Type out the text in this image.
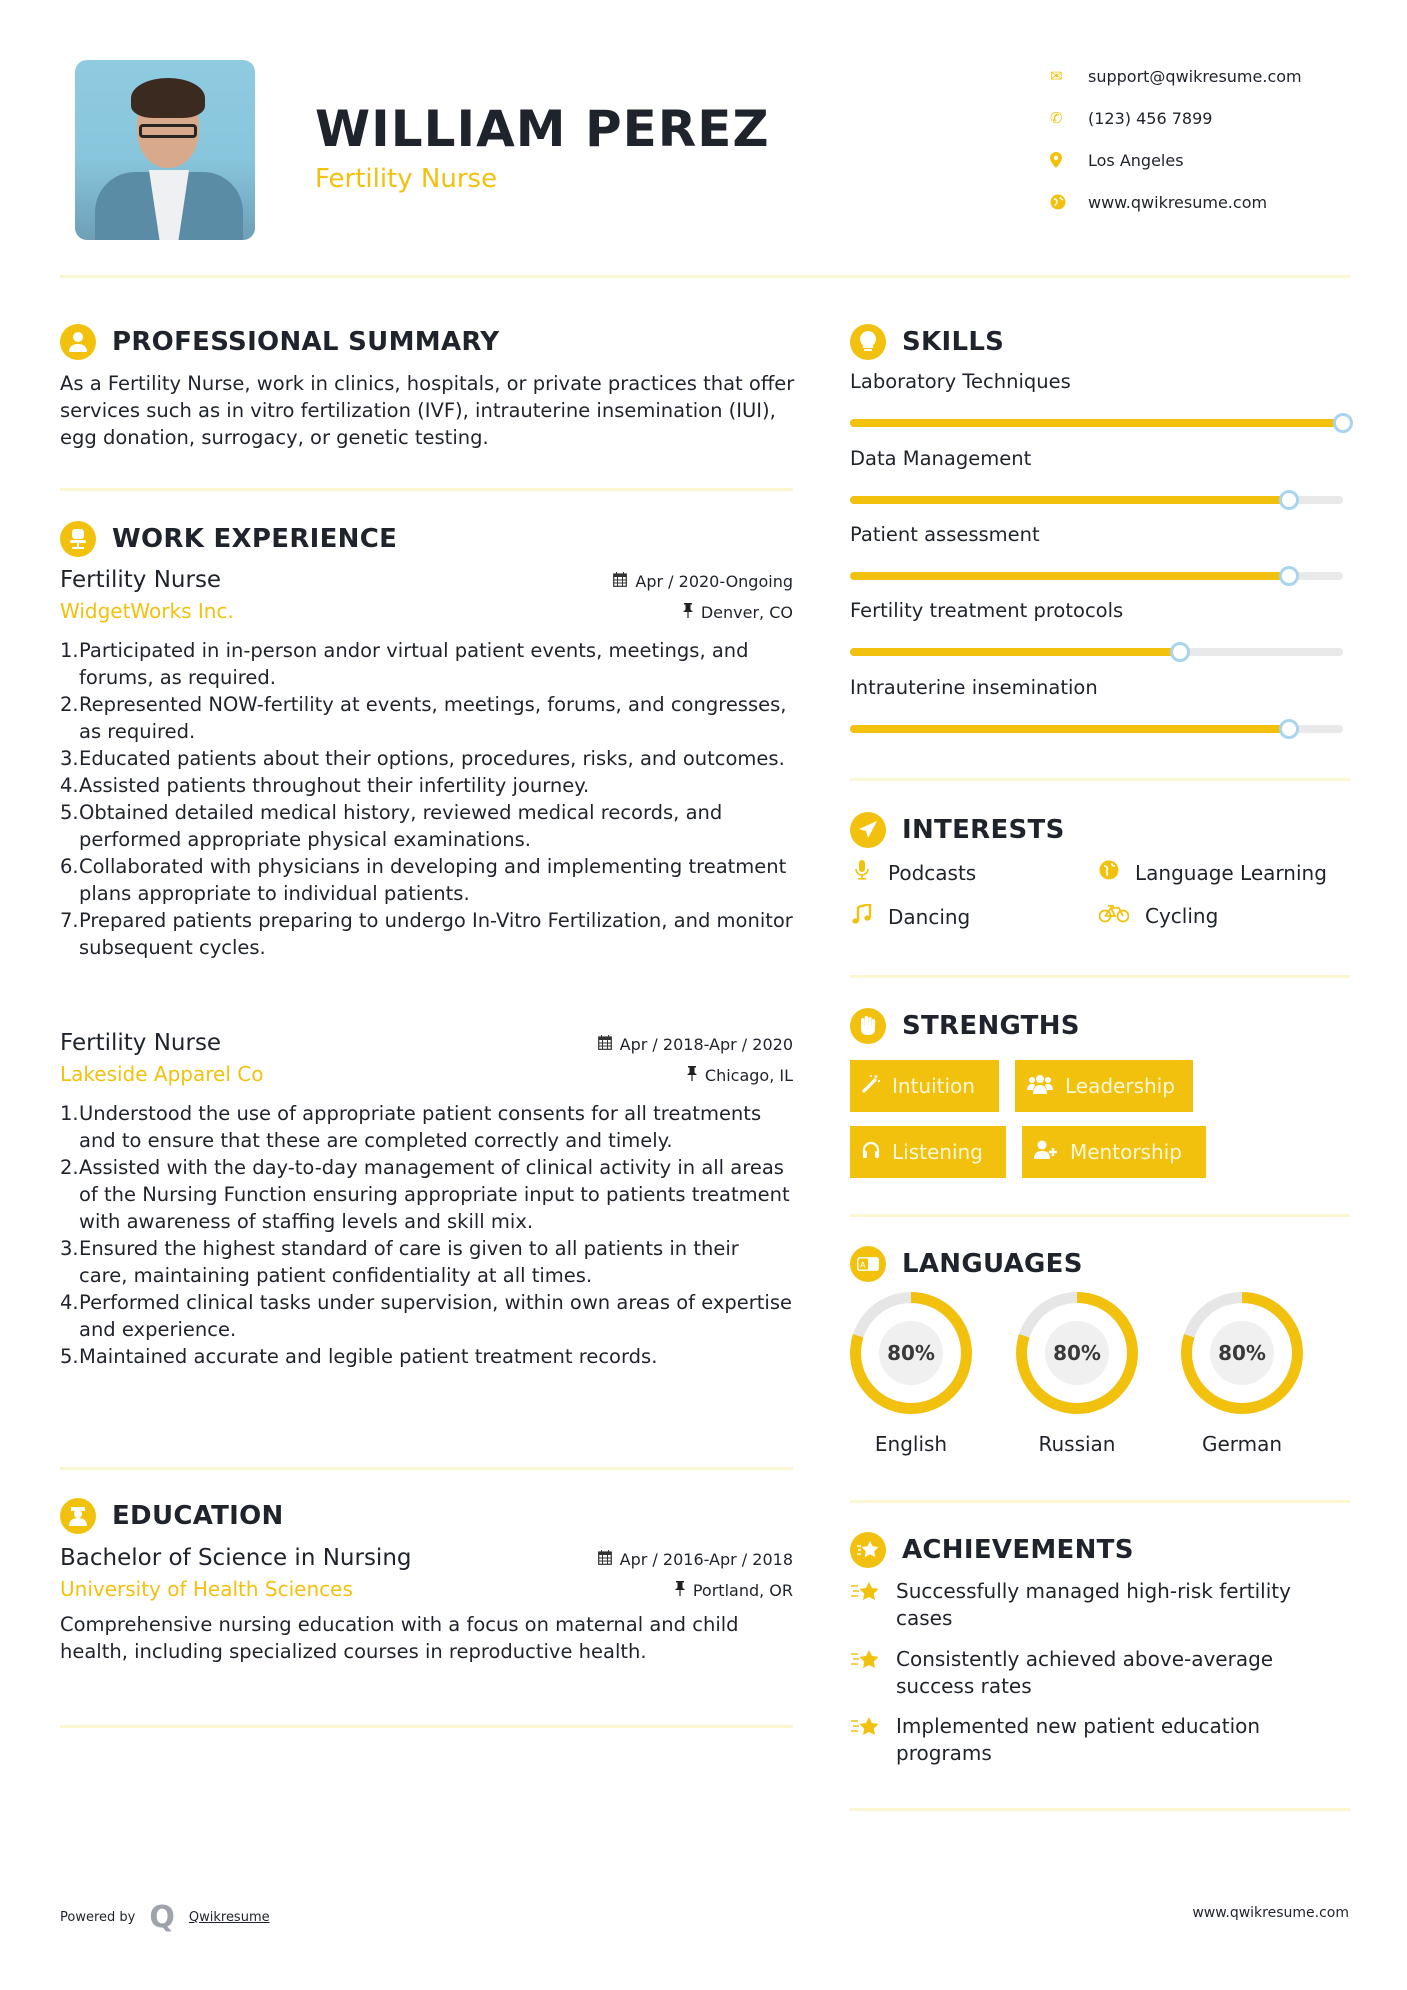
WILLIAM PEREZ
Fertility Nurse
✉	support@qwikresume.com
✆	(123) 456 7899
Los Angeles
www.qwikresume.com
PROFESSIONAL SUMMARY
As a Fertility Nurse, work in clinics, hospitals, or private practices that offer services such as in vitro fertilization (IVF), intrauterine insemination (IUI), egg donation, surrogacy, or genetic testing.
WORK EXPERIENCE
Fertility Nurse	Apr / 2020-Ongoing
WidgetWorks Inc.	Denver, CO
1. Participated in in-person andor virtual patient events, meetings, and forums, as required.
2. Represented NOW-fertility at events, meetings, forums, and congresses, as required.
3. Educated patients about their options, procedures, risks, and outcomes.
4. Assisted patients throughout their infertility journey.
5. Obtained detailed medical history, reviewed medical records, and performed appropriate physical examinations.
6. Collaborated with physicians in developing and implementing treatment plans appropriate to individual patients.
7. Prepared patients preparing to undergo In-Vitro Fertilization, and monitor subsequent cycles.
Fertility Nurse	Apr / 2018-Apr / 2020
Lakeside Apparel Co	Chicago, IL
1. Understood the use of appropriate patient consents for all treatments and to ensure that these are completed correctly and timely.
2. Assisted with the day-to-day management of clinical activity in all areas of the Nursing Function ensuring appropriate input to patients treatment with awareness of staffing levels and skill mix.
3. Ensured the highest standard of care is given to all patients in their care, maintaining patient confidentiality at all times.
4. Performed clinical tasks under supervision, within own areas of expertise and experience.
5. Maintained accurate and legible patient treatment records.
EDUCATION
Bachelor of Science in Nursing	Apr / 2016-Apr / 2018
University of Health Sciences	Portland, OR
Comprehensive nursing education with a focus on maternal and child health, including specialized courses in reproductive health.
SKILLS
Laboratory Techniques
Data Management
Patient assessment
Fertility treatment protocols
Intrauterine insemination
INTERESTS
Podcasts	Language Learning
Dancing	Cycling
STRENGTHS
Intuition	Leadership
Listening	Mentorship
A LANGUAGES
80%
English
80%
Russian
80%
German
ACHIEVEMENTS
Successfully managed high-risk fertility cases
Consistently achieved above-average success rates
Implemented new patient education programs
Powered by Q Qwikresume	www.qwikresume.com
